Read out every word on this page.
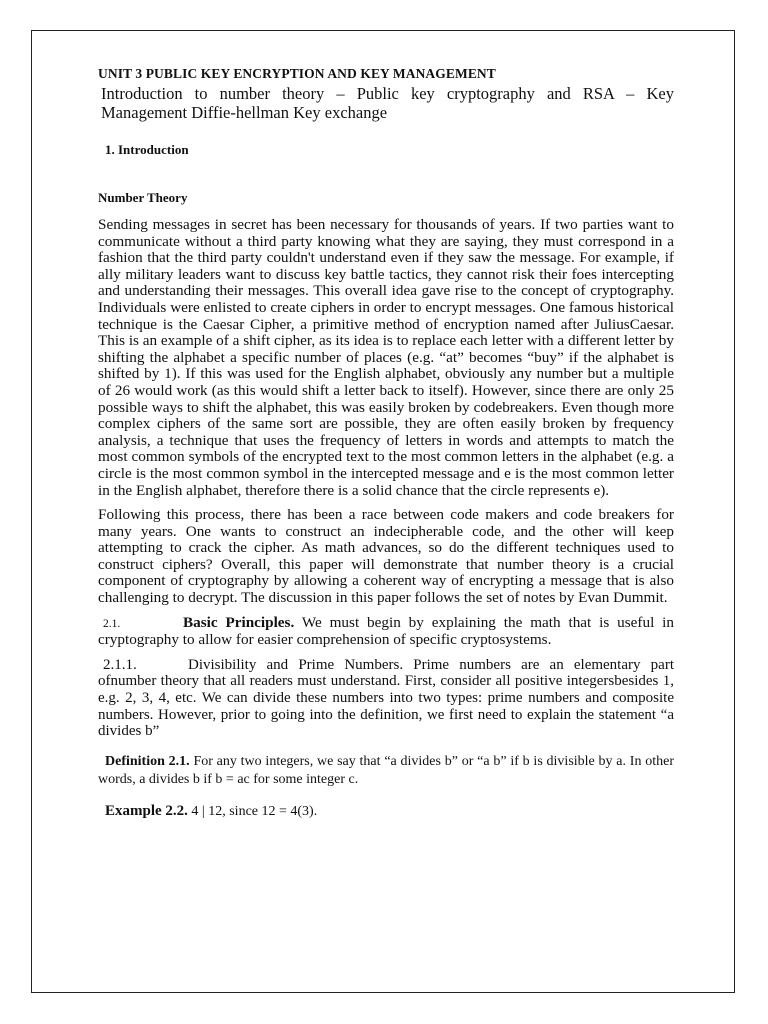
UNIT 3 PUBLIC KEY ENCRYPTION AND KEY MANAGEMENT
Introduction to number theory – Public key cryptography and RSA – Key Management Diffie-hellman Key exchange
1. Introduction
Number Theory

Sending messages in secret has been necessary for thousands of years. If two parties want to communicate without a third party knowing what they are saying, they must correspond in a fashion that the third party couldn't understand even if they saw the message. For example, if ally military leaders want to discuss key battle tactics, they cannot risk their foes intercepting and understanding their messages. This overall idea gave rise to the concept of cryptography. Individuals were enlisted to create ciphers in order to encrypt messages. One famous historical technique is the Caesar Cipher, a primitive method of encryption named after JuliusCaesar. This is an example of a shift cipher, as its idea is to replace each letter with a different letter by shifting the alphabet a specific number of places (e.g. “at” becomes “buy” if the alphabet is shifted by 1). If this was used for the English alphabet, obviously any number but a multiple of 26 would work (as this would shift a letter back to itself). However, since there are only 25 possible ways to shift the alphabet, this was easily broken by codebreakers. Even though more complex ciphers of the same sort are possible, they are often easily broken by frequency analysis, a technique that uses the frequency of letters in words and attempts to match the most common symbols of the encrypted text to the most common letters in the alphabet (e.g. a circle is the most common symbol in the intercepted message and e is the most common letter in the English alphabet, therefore there is a solid chance that the circle represents e).

Following this process, there has been a race between code makers and code breakers for many years. One wants to construct an indecipherable code, and the other will keep attempting to crack the cipher. As math advances, so do the different techniques used to construct ciphers? Overall, this paper will demonstrate that number theory is a crucial component of cryptography by allowing a coherent way of encrypting a message that is also challenging to decrypt. The discussion in this paper follows the set of notes by Evan Dummit.

2.1.	Basic Principles. We must begin by explaining the math that is useful in cryptography to allow for easier comprehension of specific cryptosystems.

2.1.1.	Divisibility and Prime Numbers. Prime numbers are an elementary part ofnumber theory that all readers must understand. First, consider all positive integersbesides 1, e.g. 2, 3, 4, etc. We can divide these numbers into two types: prime numbers and composite numbers. However, prior to going into the definition, we first need to explain the statement “a divides b”

Definition 2.1. For any two integers, we say that “a divides b” or “a b” if b is divisible by a. In other words, a divides b if b = ac for some integer c.

Example 2.2. 4 | 12, since 12 = 4(3).
